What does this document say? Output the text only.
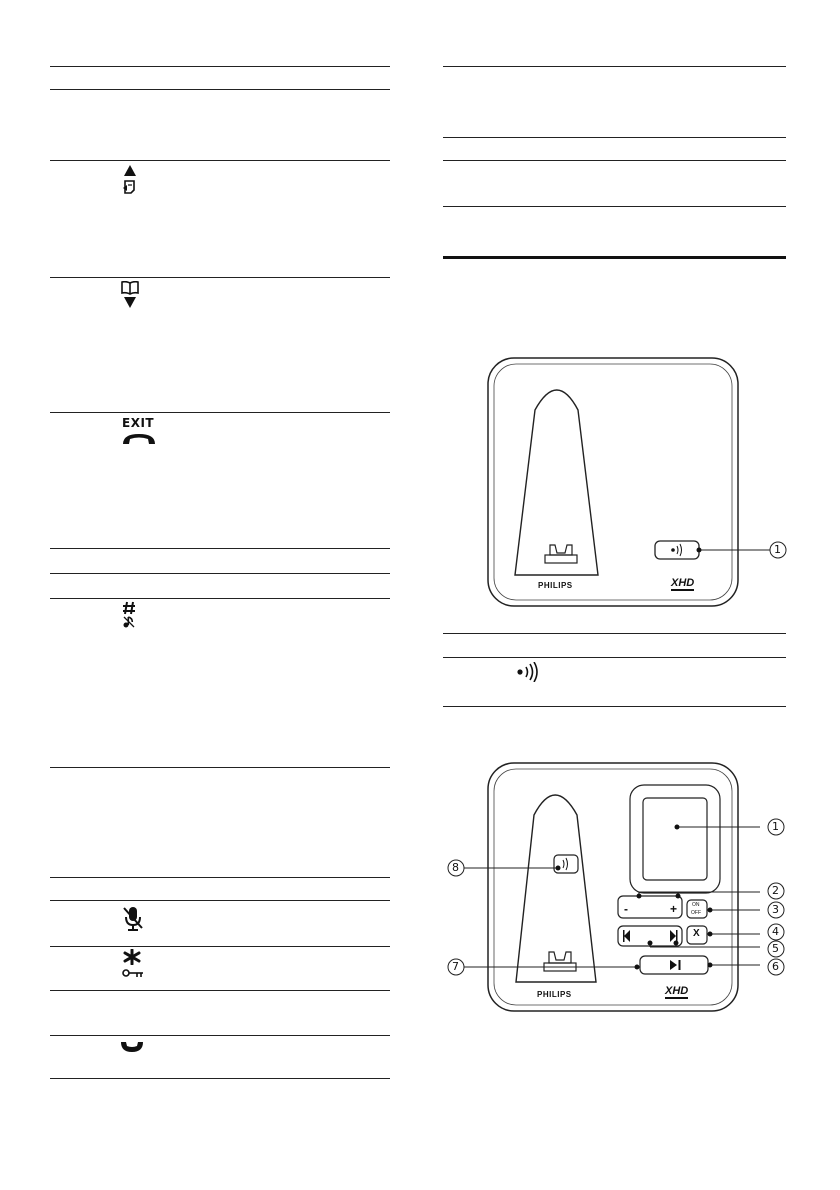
EXIT
1
PHILIPS	XHD
1
2
3
4
5
6
7
8
-	+	ON
OFF
X
PHILIPS	XHD
